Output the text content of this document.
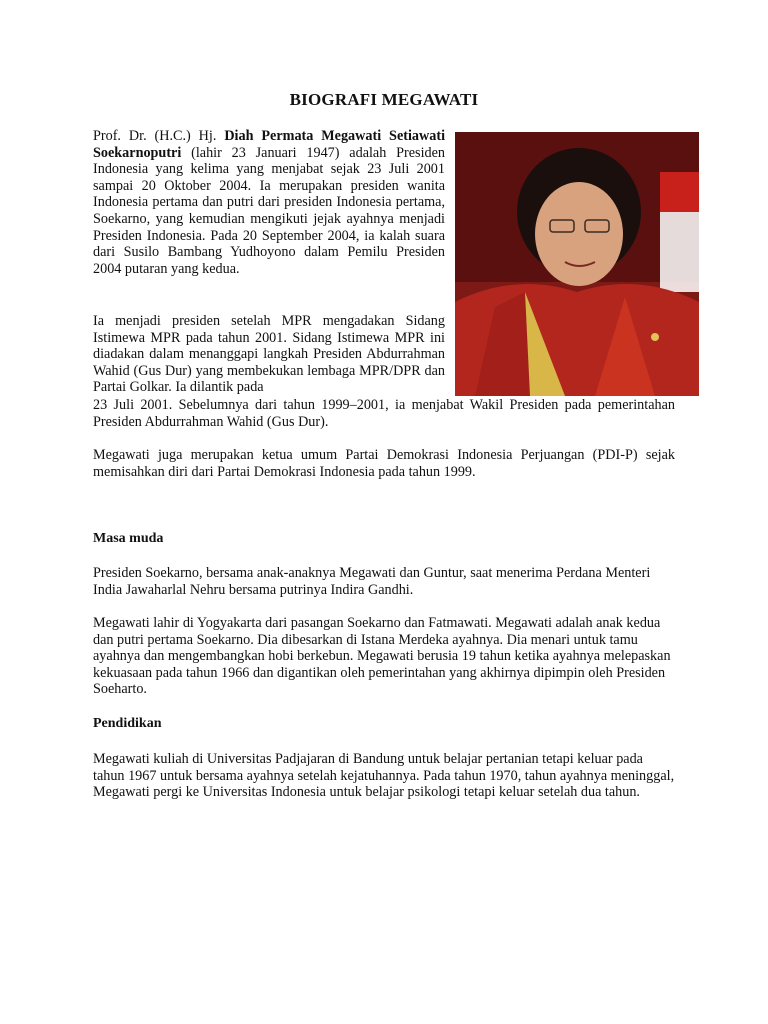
BIOGRAFI MEGAWATI

Prof. Dr. (H.C.) Hj. Diah Permata Megawati Setiawati Soekarnoputri (lahir 23 Januari 1947) adalah Presiden Indonesia yang kelima yang menjabat sejak 23 Juli 2001 sampai 20 Oktober 2004. Ia merupakan presiden wanita Indonesia pertama dan putri dari presiden Indonesia pertama, Soekarno, yang kemudian mengikuti jejak ayahnya menjadi Presiden Indonesia. Pada 20 September 2004, ia kalah suara dari Susilo Bambang Yudhoyono dalam Pemilu Presiden 2004 putaran yang kedua.

Ia menjadi presiden setelah MPR mengadakan Sidang Istimewa MPR pada tahun 2001. Sidang Istimewa MPR ini diadakan dalam menanggapi langkah Presiden Abdurrahman Wahid (Gus Dur) yang membekukan lembaga MPR/DPR dan Partai Golkar. Ia dilantik pada

23 Juli 2001. Sebelumnya dari tahun 1999–2001, ia menjabat Wakil Presiden pada pemerintahan Presiden Abdurrahman Wahid (Gus Dur).

Megawati juga merupakan ketua umum Partai Demokrasi Indonesia Perjuangan (PDI-P) sejak memisahkan diri dari Partai Demokrasi Indonesia pada tahun 1999.

Masa muda

Presiden Soekarno, bersama anak-anaknya Megawati dan Guntur, saat menerima Perdana Menteri India Jawaharlal Nehru bersama putrinya Indira Gandhi.

Megawati lahir di Yogyakarta dari pasangan Soekarno dan Fatmawati. Megawati adalah anak kedua dan putri pertama Soekarno. Dia dibesarkan di Istana Merdeka ayahnya. Dia menari untuk tamu ayahnya dan mengembangkan hobi berkebun. Megawati berusia 19 tahun ketika ayahnya melepaskan kekuasaan pada tahun 1966 dan digantikan oleh pemerintahan yang akhirnya dipimpin oleh Presiden Soeharto.

Pendidikan

Megawati kuliah di Universitas Padjajaran di Bandung untuk belajar pertanian tetapi keluar pada tahun 1967 untuk bersama ayahnya setelah kejatuhannya. Pada tahun 1970, tahun ayahnya meninggal, Megawati pergi ke Universitas Indonesia untuk belajar psikologi tetapi keluar setelah dua tahun.
